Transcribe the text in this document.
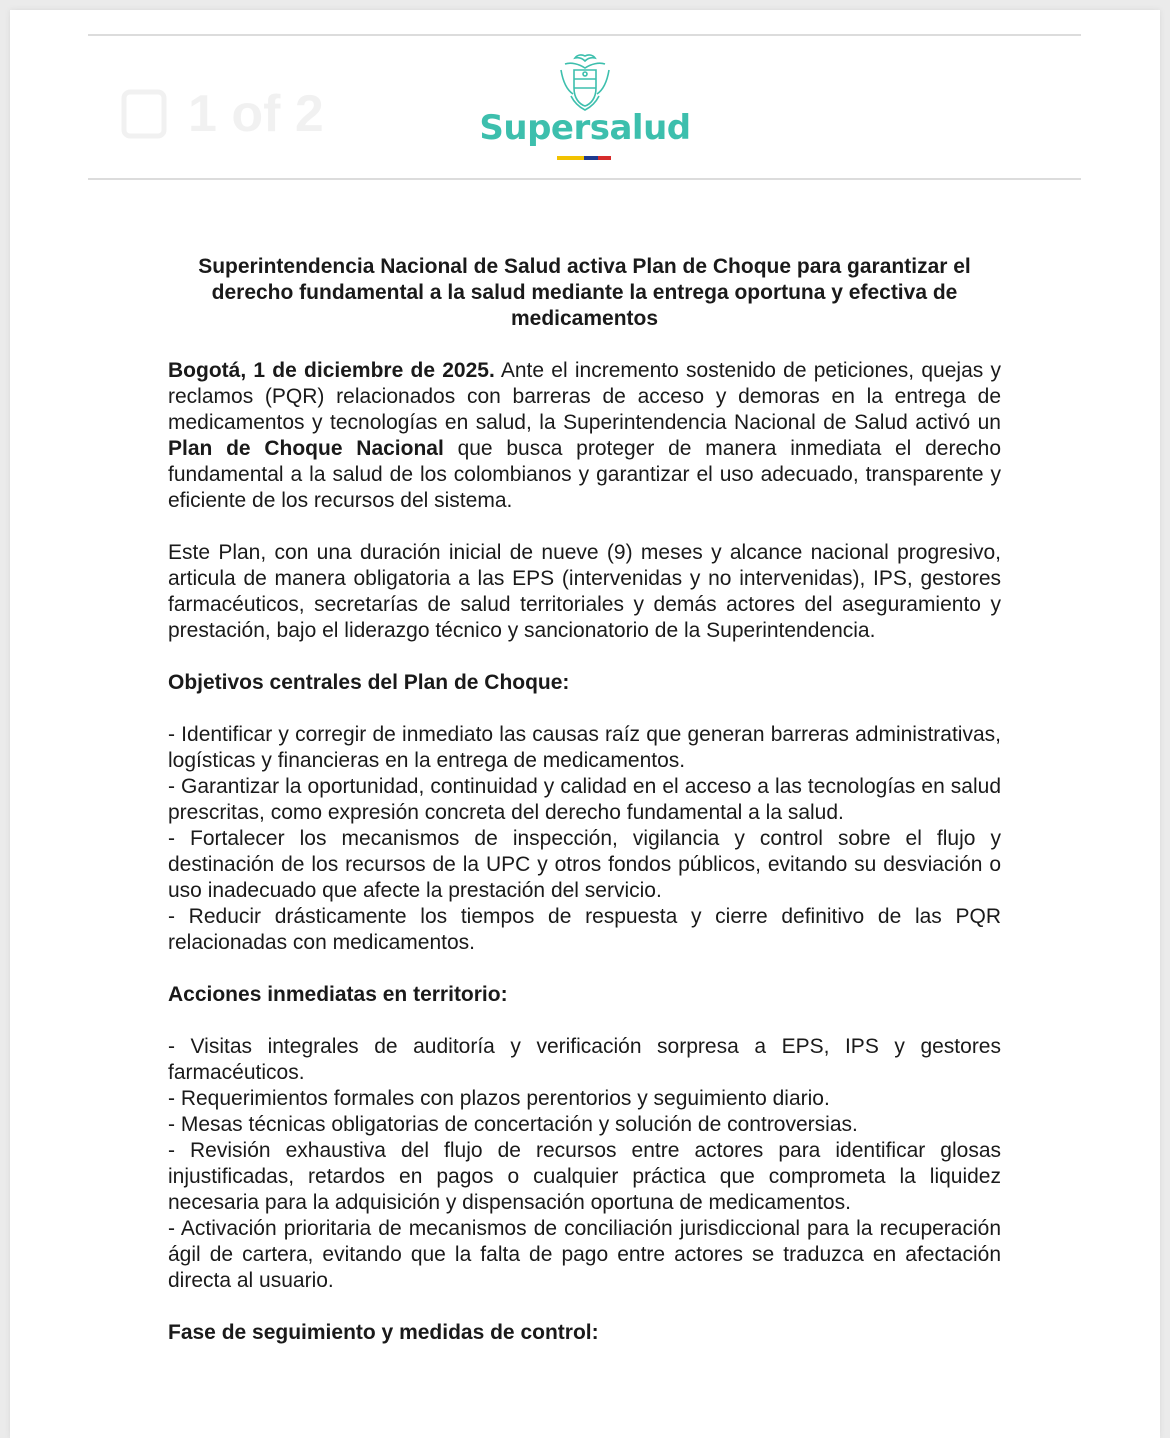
1 of 2	Supersalud
Superintendencia Nacional de Salud activa Plan de Choque para garantizar el
derecho fundamental a la salud mediante la entrega oportuna y efectiva de
medicamentos

Bogotá, 1 de diciembre de 2025. Ante el incremento sostenido de peticiones, quejas y reclamos (PQR) relacionados con barreras de acceso y demoras en la entrega de medicamentos y tecnologías en salud, la Superintendencia Nacional de Salud activó un Plan de Choque Nacional que busca proteger de manera inmediata el derecho fundamental a la salud de los colombianos y garantizar el uso adecuado, transparente y eficiente de los recursos del sistema.

Este Plan, con una duración inicial de nueve (9) meses y alcance nacional progresivo, articula de manera obligatoria a las EPS (intervenidas y no intervenidas), IPS, gestores farmacéuticos, secretarías de salud territoriales y demás actores del aseguramiento y prestación, bajo el liderazgo técnico y sancionatorio de la Superintendencia.

Objetivos centrales del Plan de Choque:
- Identificar y corregir de inmediato las causas raíz que generan barreras administrativas, logísticas y financieras en la entrega de medicamentos.
- Garantizar la oportunidad, continuidad y calidad en el acceso a las tecnologías en salud prescritas, como expresión concreta del derecho fundamental a la salud.
- Fortalecer los mecanismos de inspección, vigilancia y control sobre el flujo y destinación de los recursos de la UPC y otros fondos públicos, evitando su desviación o uso inadecuado que afecte la prestación del servicio.
- Reducir drásticamente los tiempos de respuesta y cierre definitivo de las PQR relacionadas con medicamentos.
Acciones inmediatas en territorio:
- Visitas integrales de auditoría y verificación sorpresa a EPS, IPS y gestores farmacéuticos.
- Requerimientos formales con plazos perentorios y seguimiento diario.
- Mesas técnicas obligatorias de concertación y solución de controversias.
- Revisión exhaustiva del flujo de recursos entre actores para identificar glosas injustificadas, retardos en pagos o cualquier práctica que comprometa la liquidez necesaria para la adquisición y dispensación oportuna de medicamentos.
- Activación prioritaria de mecanismos de conciliación jurisdiccional para la recuperación ágil de cartera, evitando que la falta de pago entre actores se traduzca en afectación directa al usuario.
Fase de seguimiento y medidas de control:
